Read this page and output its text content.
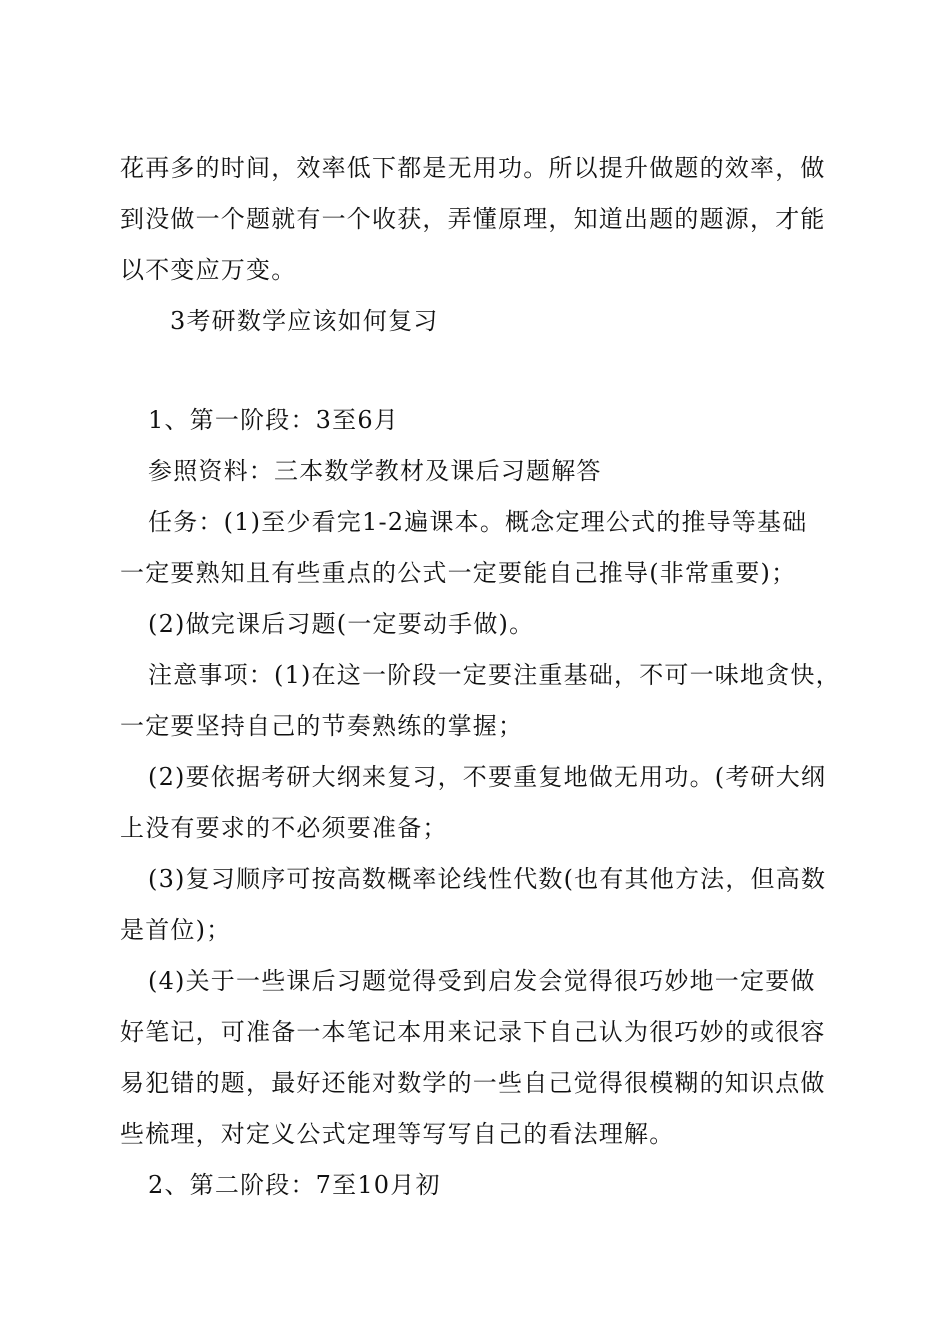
花再多的时间，效率低下都是无用功。所以提升做题的效率，做
到没做一个题就有一个收获，弄懂原理，知道出题的题源，才能
以不变应万变。
3考研数学应该如何复习
1、第一阶段：3至6月
参照资料：三本数学教材及课后习题解答
任务：(1)至少看完1-2遍课本。概念定理公式的推导等基础
一定要熟知且有些重点的公式一定要能自己推导(非常重要)；
(2)做完课后习题(一定要动手做)。
注意事项：(1)在这一阶段一定要注重基础，不可一味地贪快，
一定要坚持自己的节奏熟练的掌握；
(2)要依据考研大纲来复习，不要重复地做无用功。(考研大纲
上没有要求的不必须要准备；
(3)复习顺序可按高数概率论线性代数(也有其他方法，但高数
是首位)；
(4)关于一些课后习题觉得受到启发会觉得很巧妙地一定要做
好笔记，可准备一本笔记本用来记录下自己认为很巧妙的或很容
易犯错的题，最好还能对数学的一些自己觉得很模糊的知识点做
些梳理，对定义公式定理等写写自己的看法理解。
2、第二阶段：7至10月初
